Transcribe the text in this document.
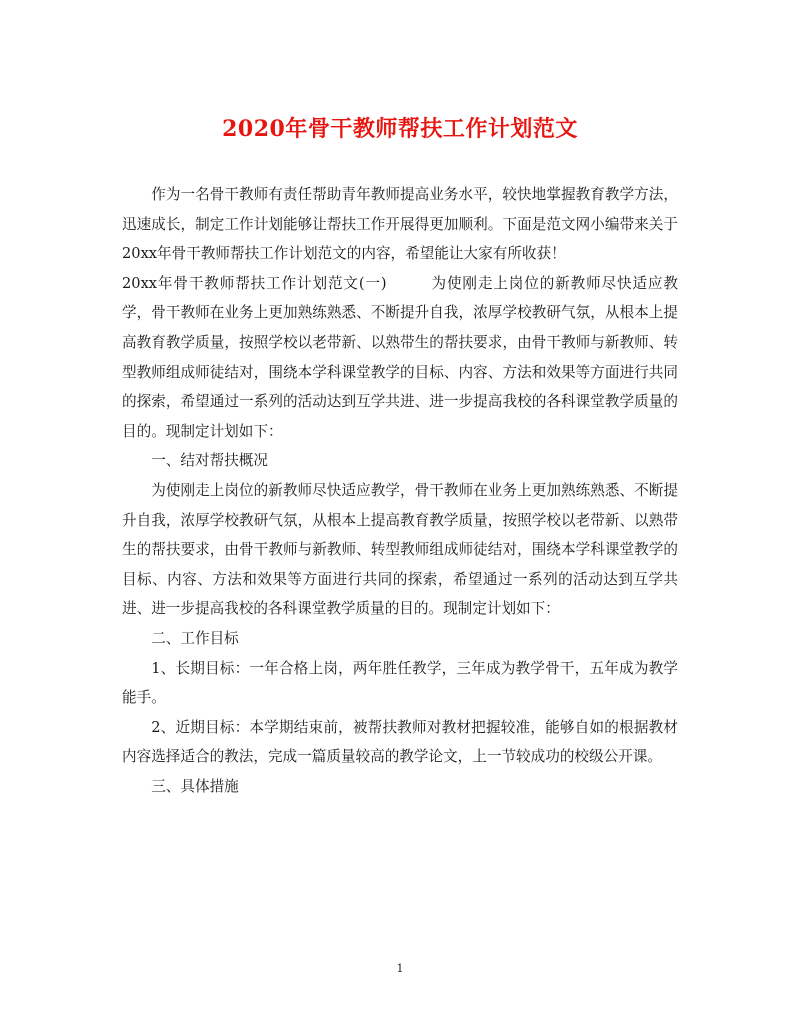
2020年骨干教师帮扶工作计划范文

作为一名骨干教师有责任帮助青年教师提高业务水平，较快地掌握教育教学方法，迅速成长，制定工作计划能够让帮扶工作开展得更加顺利。下面是范文网小编带来关于20xx年骨干教师帮扶工作计划范文的内容，希望能让大家有所收获！

20xx年骨干教师帮扶工作计划范文(一)	为使刚走上岗位的新教师尽快适应教学，骨干教师在业务上更加熟练熟悉、不断提升自我，浓厚学校教研气氛，从根本上提高教育教学质量，按照学校以老带新、以熟带生的帮扶要求，由骨干教师与新教师、转型教师组成师徒结对，围绕本学科课堂教学的目标、内容、方法和效果等方面进行共同的探索，希望通过一系列的活动达到互学共进、进一步提高我校的各科课堂教学质量的目的。现制定计划如下：

一、结对帮扶概况

为使刚走上岗位的新教师尽快适应教学，骨干教师在业务上更加熟练熟悉、不断提升自我，浓厚学校教研气氛，从根本上提高教育教学质量，按照学校以老带新、以熟带生的帮扶要求，由骨干教师与新教师、转型教师组成师徒结对，围绕本学科课堂教学的目标、内容、方法和效果等方面进行共同的探索，希望通过一系列的活动达到互学共进、进一步提高我校的各科课堂教学质量的目的。现制定计划如下：

二、工作目标

1、长期目标：一年合格上岗，两年胜任教学，三年成为教学骨干，五年成为教学能手。

2、近期目标：本学期结束前，被帮扶教师对教材把握较准，能够自如的根据教材内容选择适合的教法，完成一篇质量较高的教学论文，上一节较成功的校级公开课。

三、具体措施

1
